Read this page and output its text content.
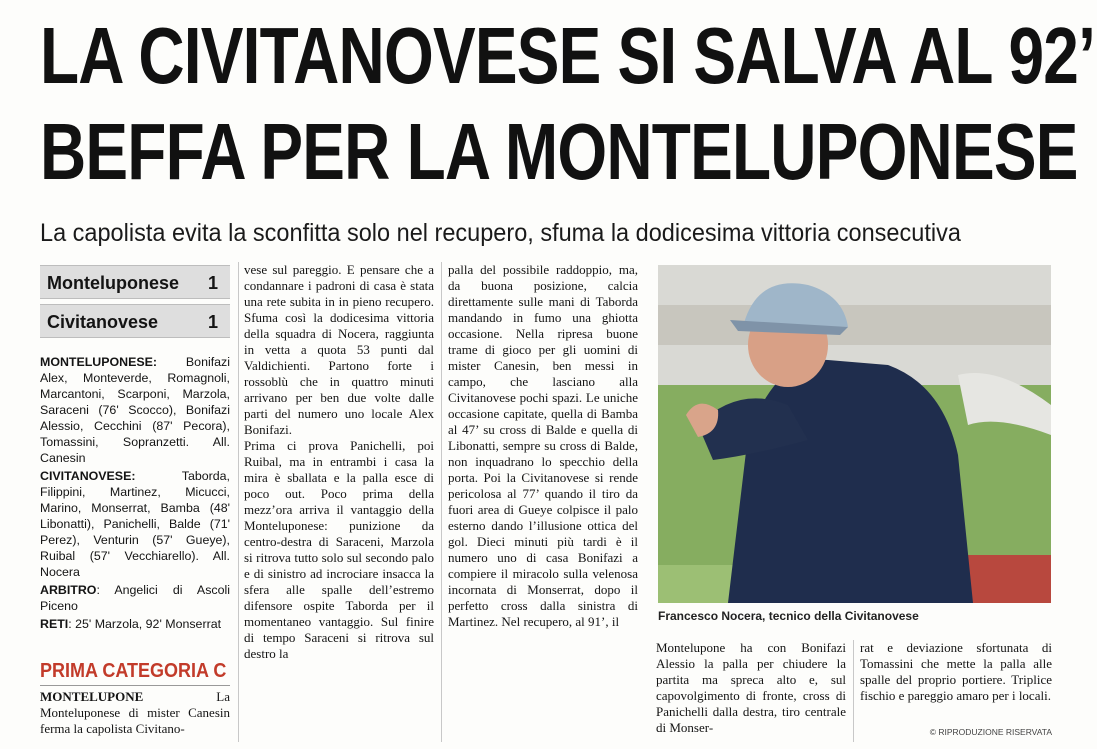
LA CIVITANOVESE SI SALVA AL 92’
BEFFA PER LA MONTELUPONESE
La capolista evita la sconfitta solo nel recupero, sfuma la dodicesima vittoria consecutiva
Monteluponese 1
Civitanovese	1

MONTELUPONESE: Bonifazi Alex, Monteverde, Romagnoli, Marcantoni, Scarponi, Marzola, Saraceni (76' Scocco), Bonifazi Alessio, Cecchini (87' Pecora), Tomassini, Sopranzetti. All. Canesin

CIVITANOVESE: Taborda, Filippini, Martinez, Micucci, Marino, Monserrat, Bamba (48' Libonatti), Panichelli, Balde (71' Perez), Venturin (57' Gueye), Ruibal (57' Vecchiarello). All. Nocera

ARBITRO: Angelici di Ascoli Piceno

RETI: 25' Marzola, 92' Monserrat

PRIMA CATEGORIA C

MONTELUPONE La Monteluponese di mister Canesin ferma la capolista Civitano-

vese sul pareggio. E pensare che a condannare i padroni di casa è stata una rete subita in in pieno recupero. Sfuma così la dodicesima vittoria della squadra di Nocera, raggiunta in vetta a quota 53 punti dal Valdichienti. Partono forte i rossoblù che in quattro minuti arrivano per ben due volte dalle parti del numero uno locale Alex Bonifazi.

Prima ci prova Panichelli, poi Ruibal, ma in entrambi i casa la mira è sballata e la palla esce di poco out. Poco prima della mezz’ora arriva il vantaggio della Monteluponese: punizione da centro-destra di Saraceni, Marzola si ritrova tutto solo sul secondo palo e di sinistro ad incrociare insacca la sfera alle spalle dell’estremo difensore ospite Taborda per il momentaneo vantaggio. Sul finire di tempo Saraceni si ritrova sul destro la

palla del possibile raddoppio, ma, da buona posizione, calcia direttamente sulle mani di Taborda mandando in fumo una ghiotta occasione. Nella ripresa buone trame di gioco per gli uomini di mister Canesin, ben messi in campo, che lasciano alla Civitanovese pochi spazi. Le uniche occasione capitate, quella di Bamba al 47’ su cross di Balde e quella di Libonatti, sempre su cross di Balde, non inquadrano lo specchio della porta. Poi la Civitanovese si rende pericolosa al 77’ quando il tiro da fuori area di Gueye colpisce il palo esterno dando l’illusione ottica del gol. Dieci minuti più tardi è il numero uno di casa Bonifazi a compiere il miracolo sulla velenosa incornata di Monserrat, dopo il perfetto cross dalla sinistra di Martinez. Nel recupero, al 91’, il	Francesco Nocera, tecnico della Civitanovese

Montelupone ha con Bonifazi Alessio la palla per chiudere la partita ma spreca alto e, sul capovolgimento di fronte, cross di Panichelli dalla destra, tiro centrale di Monser-

rat e deviazione sfortunata di Tomassini che mette la palla alle spalle del proprio portiere. Triplice fischio e pareggio amaro per i locali.

© RIPRODUZIONE RISERVATA
